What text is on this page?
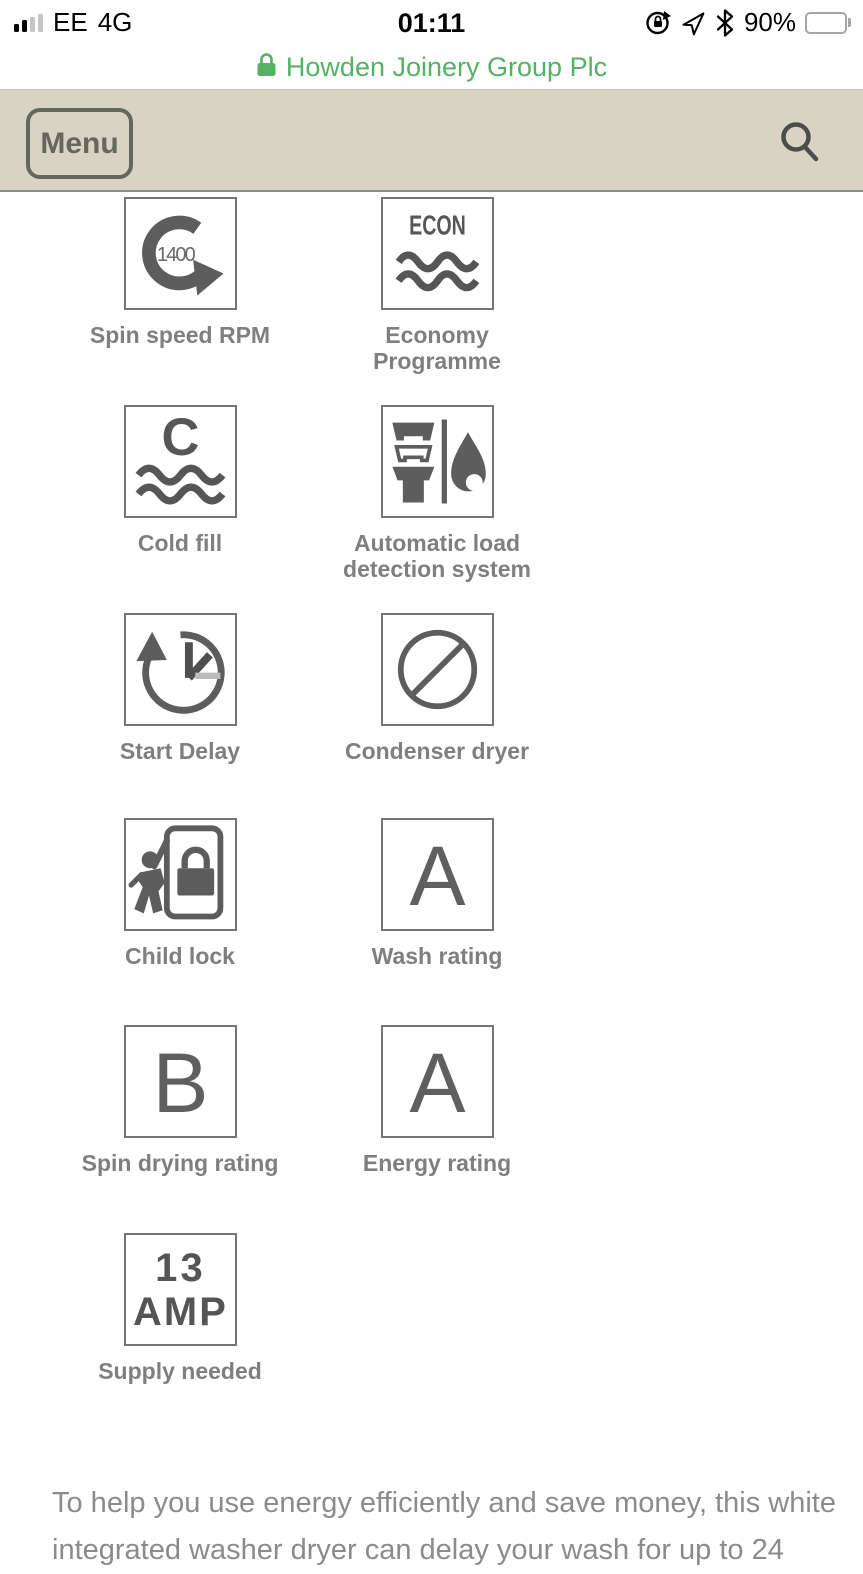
EE 4G	01:11	90%
Howden Joinery Group Plc
Menu
1400
Spin speed RPM
ECON
Economy Programme
C
Cold fill	Automatic load detection system
Start Delay	Condenser dryer
Child lock
A
Wash rating
B
Spin drying rating
A
Energy rating
13
AMP
Supply needed
To help you use energy efficiently and save money, this white
integrated washer dryer can delay your wash for up to 24
